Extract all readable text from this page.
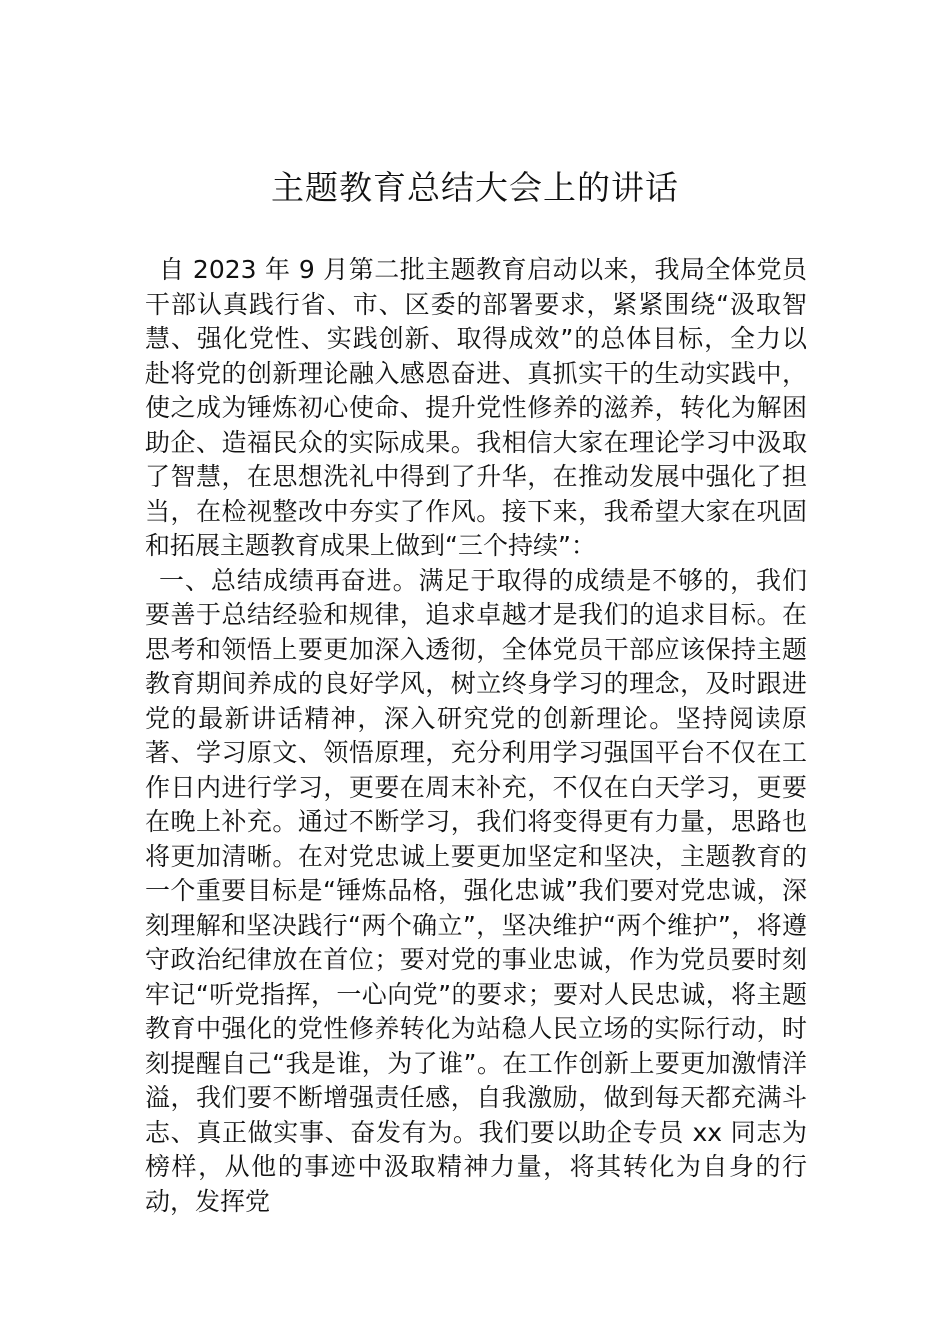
主题教育总结大会上的讲话

自 2023 年 9 月第二批主题教育启动以来，我局全体党员干部认真践行省、市、区委的部署要求，紧紧围绕“汲取智慧、强化党性、实践创新、取得成效”的总体目标，全力以赴将党的创新理论融入感恩奋进、真抓实干的生动实践中，使之成为锤炼初心使命、提升党性修养的滋养，转化为解困助企、造福民众的实际成果。我相信大家在理论学习中汲取了智慧，在思想洗礼中得到了升华，在推动发展中强化了担当，在检视整改中夯实了作风。接下来，我希望大家在巩固和拓展主题教育成果上做到“三个持续”：

一、总结成绩再奋进。满足于取得的成绩是不够的，我们要善于总结经验和规律，追求卓越才是我们的追求目标。在思考和领悟上要更加深入透彻，全体党员干部应该保持主题教育期间养成的良好学风，树立终身学习的理念，及时跟进党的最新讲话精神，深入研究党的创新理论。坚持阅读原著、学习原文、领悟原理，充分利用学习强国平台不仅在工作日内进行学习，更要在周末补充，不仅在白天学习，更要在晚上补充。通过不断学习，我们将变得更有力量，思路也将更加清晰。在对党忠诚上要更加坚定和坚决，主题教育的一个重要目标是“锤炼品格，强化忠诚”我们要对党忠诚，深刻理解和坚决践行“两个确立”，坚决维护“两个维护”，将遵守政治纪律放在首位；要对党的事业忠诚，作为党员要时刻牢记“听党指挥，一心向党”的要求；要对人民忠诚，将主题教育中强化的党性修养转化为站稳人民立场的实际行动，时刻提醒自己“我是谁，为了谁”。在工作创新上要更加激情洋溢，我们要不断增强责任感，自我激励，做到每天都充满斗志、真正做实事、奋发有为。我们要以助企专员 xx 同志为榜样，从他的事迹中汲取精神力量，将其转化为自身的行动，发挥党
